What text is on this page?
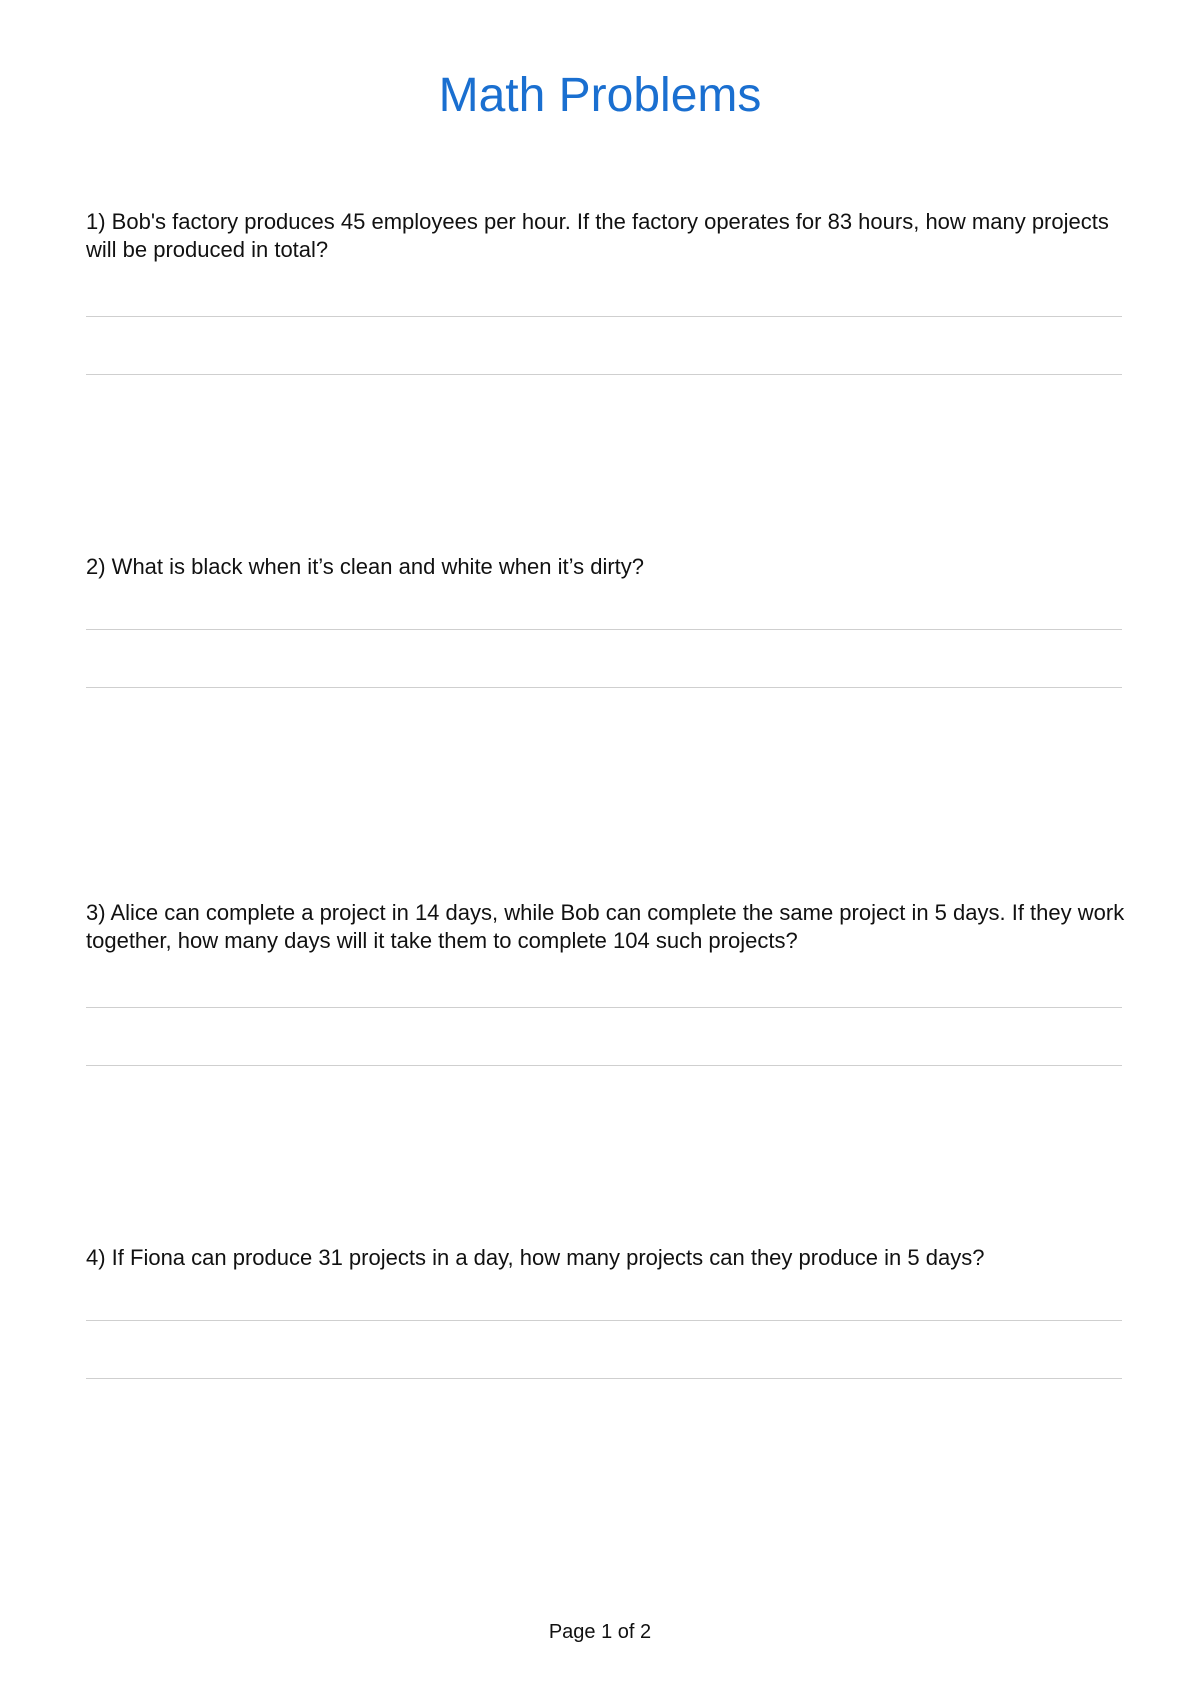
Math Problems

1) Bob's factory produces 45 employees per hour. If the factory operates for 83 hours, how many projects will be produced in total?

2) What is black when it’s clean and white when it’s dirty?

3) Alice can complete a project in 14 days, while Bob can complete the same project in 5 days. If they work together, how many days will it take them to complete 104 such projects?

4) If Fiona can produce 31 projects in a day, how many projects can they produce in 5 days?

Page 1 of 2
